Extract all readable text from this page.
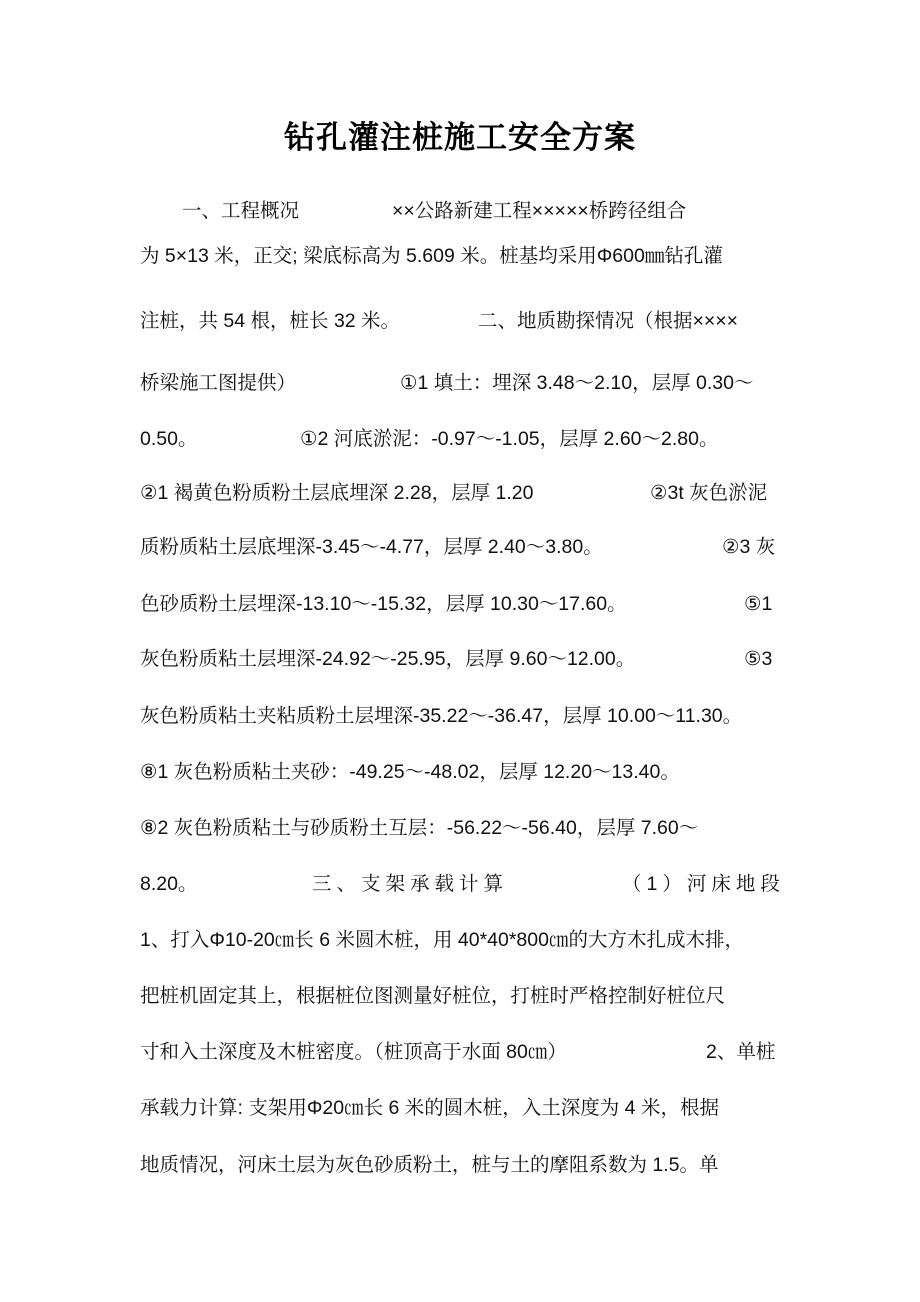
钻孔灌注桩施工安全方案
一、工程概况	××公路新建工程×××××桥跨径组合
为 5×13 米，正交; 梁底标高为 5.609 米。桩基均采用Φ600㎜钻孔灌
注桩，共 54 根，桩长 32 米。	二、地质勘探情况（根据××××
桥梁施工图提供）	①1 填土：埋深 3.48～2.10，层厚 0.30～
0.50。	①2 河底淤泥：-0.97～-1.05，层厚 2.60～2.80。
②1 褐黄色粉质粉土层底埋深 2.28，层厚 1.20	②3t 灰色淤泥
质粉质粘土层底埋深-3.45～-4.77，层厚 2.40～3.80。	②3 灰
色砂质粉土层埋深-13.10～-15.32，层厚 10.30～17.60。	⑤1
灰色粉质粘土层埋深-24.92～-25.95，层厚 9.60～12.00。	⑤3
灰色粉质粘土夹粘质粉土层埋深-35.22～-36.47，层厚 10.00～11.30。
⑧1 灰色粉质粘土夹砂：-49.25～-48.02，层厚 12.20～13.40。
⑧2 灰色粉质粘土与砂质粉土互层：-56.22～-56.40，层厚 7.60～
8.20。	三、支架承载计算	（1）河床地段
1、打入Φ10-20㎝长 6 米圆木桩，用 40*40*800㎝的大方木扎成木排，
把桩机固定其上，根据桩位图测量好桩位，打桩时严格控制好桩位尺
寸和入土深度及木桩密度。（桩顶高于水面 80㎝）	2、单桩
承载力计算: 支架用Φ20㎝长 6 米的圆木桩，入土深度为 4 米，根据
地质情况，河床土层为灰色砂质粉土，桩与土的摩阻系数为 1.5。单
